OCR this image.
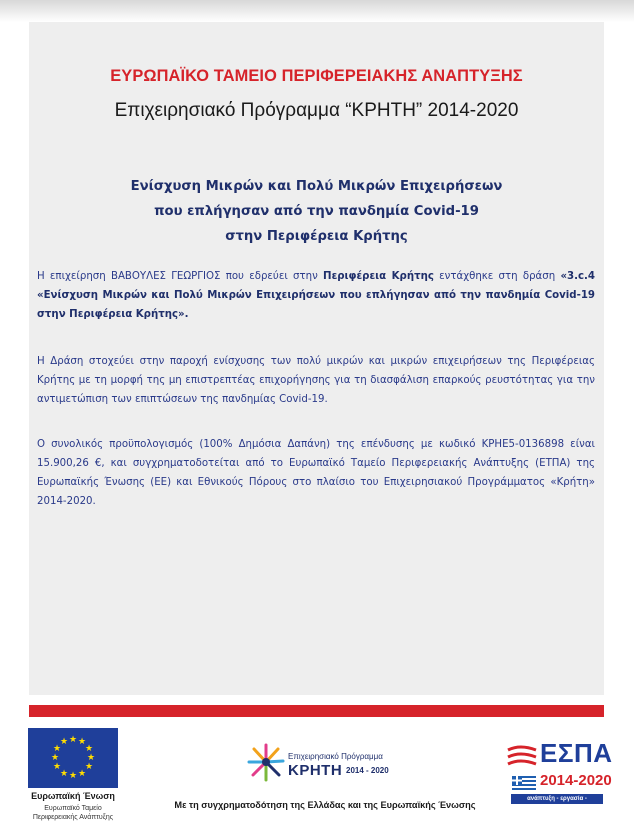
ΕΥΡΩΠΑΪΚΟ ΤΑΜΕΙΟ ΠΕΡΙΦΕΡΕΙΑΚΗΣ ΑΝΑΠΤΥΞΗΣ
Επιχειρησιακό Πρόγραμμα “ΚΡΗΤΗ” 2014-2020
Ενίσχυση Μικρών και Πολύ Μικρών Επιχειρήσεων
που επλήγησαν από την πανδημία Covid-19
στην Περιφέρεια Κρήτης

Η επιχείρηση ΒΑΒΟΥΛΕΣ ΓΕΩΡΓΙΟΣ που εδρεύει στην Περιφέρεια Κρήτης εντάχθηκε στη δράση «3.c.4 «Ενίσχυση Μικρών και Πολύ Μικρών Επιχειρήσεων που επλήγησαν από την πανδημία Covid-19 στην Περιφέρεια Κρήτης».

Η Δράση στοχεύει στην παροχή ενίσχυσης των πολύ μικρών και μικρών επιχειρήσεων της Περιφέρειας Κρήτης με τη μορφή της μη επιστρεπτέας επιχορήγησης για τη διασφάλιση επαρκούς ρευστότητας για την αντιμετώπιση των επιπτώσεων της πανδημίας Covid-19.

Ο συνολικός προϋπολογισμός (100% Δημόσια Δαπάνη) της επένδυσης με κωδικό ΚΡΗΕ5-0136898 είναι 15.900,26 €, και συγχρηματοδοτείται από το Ευρωπαϊκό Ταμείο Περιφερειακής Ανάπτυξης (ΕΤΠΑ) της Ευρωπαϊκής Ένωσης (ΕΕ) και Εθνικούς Πόρους στο πλαίσιο του Επιχειρησιακού Προγράμματος «Κρήτη» 2014-2020.

★ ★
★
★
★
★
★
★
★
★
★
★
Ευρωπαϊκή Ένωση
Ευρωπαϊκό Ταμείο
Περιφερειακής Ανάπτυξης
Επιχειρησιακό Πρόγραμμα
ΚΡΗΤΗ 2014 - 2020
Με τη συγχρηματοδότηση της Ελλάδας και της Ευρωπαϊκής Ένωσης
ΕΣΠΑ
2014-2020
ανάπτυξη - εργασία - αλληλεγγύη
